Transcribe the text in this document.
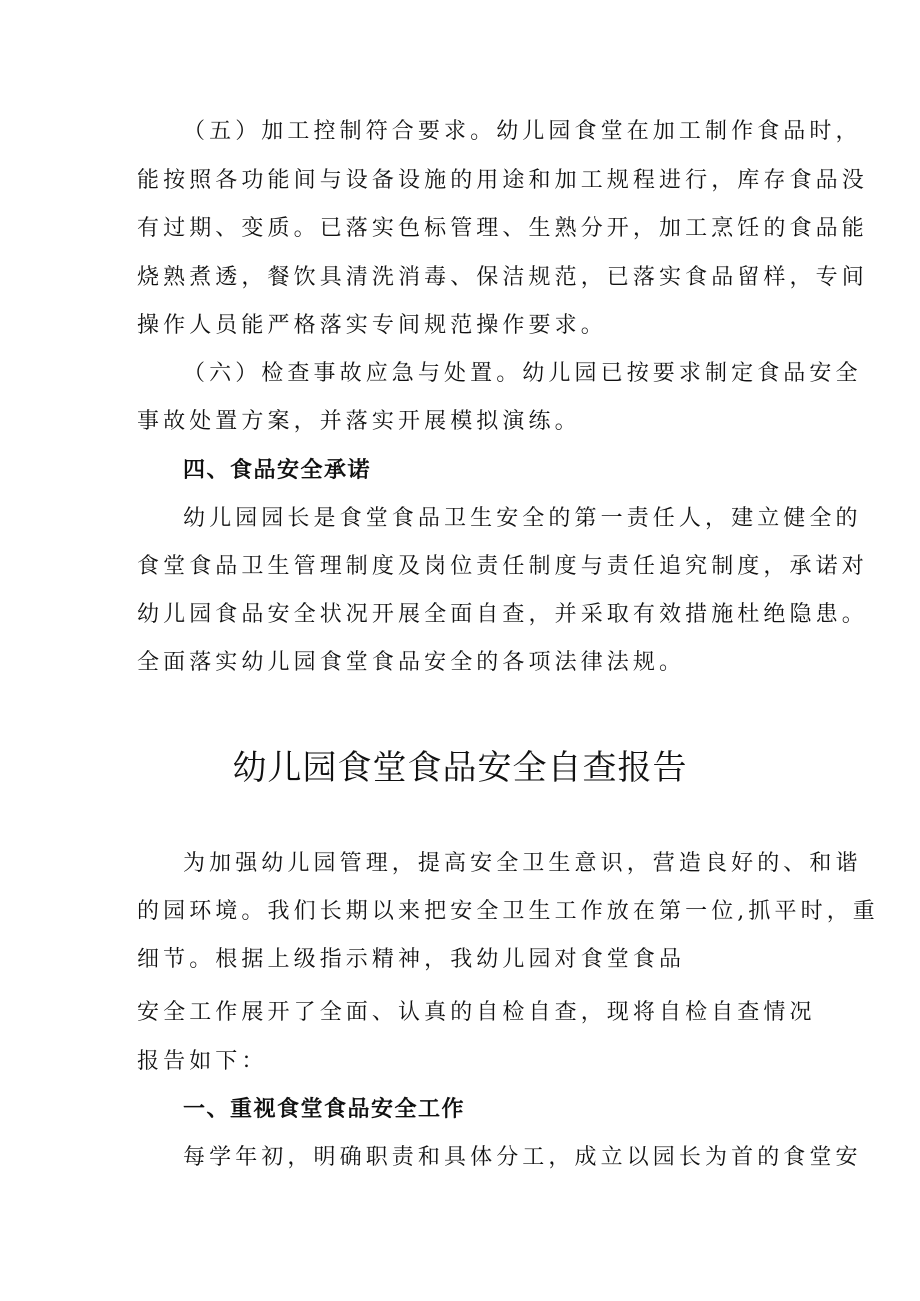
（五）加工控制符合要求。幼儿园食堂在加工制作食品时，
能按照各功能间与设备设施的用途和加工规程进行，库存食品没
有过期、变质。已落实色标管理、生熟分开，加工烹饪的食品能
烧熟煮透，餐饮具清洗消毒、保洁规范，已落实食品留样，专间
操作人员能严格落实专间规范操作要求。
（六）检查事故应急与处置。幼儿园已按要求制定食品安全
事故处置方案，并落实开展模拟演练。
四、食品安全承诺
幼儿园园长是食堂食品卫生安全的第一责任人，建立健全的
食堂食品卫生管理制度及岗位责任制度与责任追究制度，承诺对
幼儿园食品安全状况开展全面自查，并采取有效措施杜绝隐患。
全面落实幼儿园食堂食品安全的各项法律法规。
幼儿园食堂食品安全自查报告
为加强幼儿园管理，提高安全卫生意识，营造良好的、和谐
的园环境。我们长期以来把安全卫生工作放在第一位,抓平时，重
细节。根据上级指示精神，我幼儿园对食堂食品
安全工作展开了全面、认真的自检自查，现将自检自查情况
报告如下：
一、重视食堂食品安全工作
每学年初，明确职责和具体分工，成立以园长为首的食堂安
